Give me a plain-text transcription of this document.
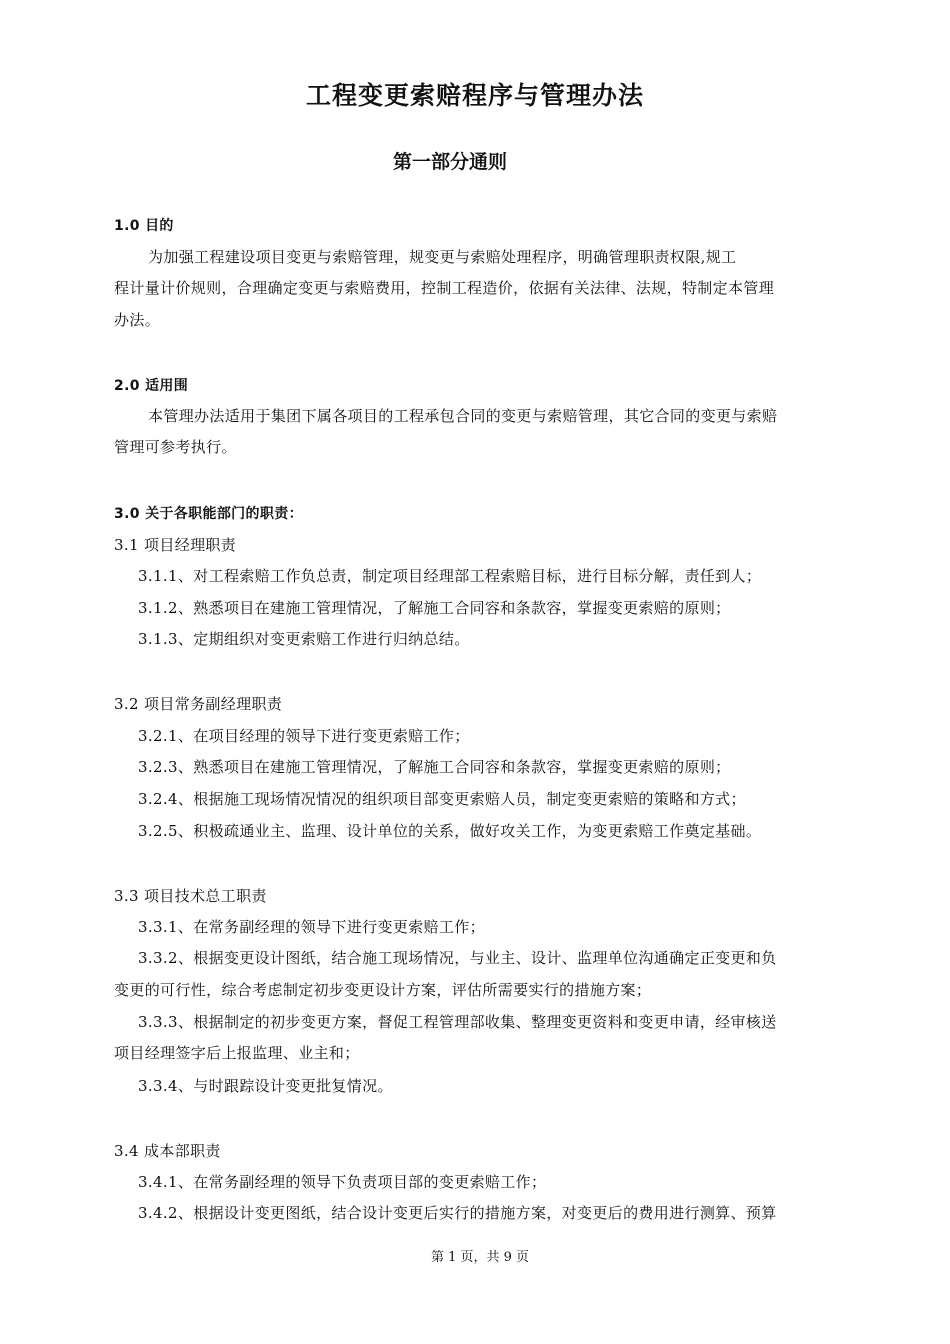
工程变更索赔程序与管理办法
第一部分通则
1.0 目的
为加强工程建设项目变更与索赔管理，规变更与索赔处理程序，明确管理职责权限,规工
程计量计价规则，合理确定变更与索赔费用，控制工程造价，依据有关法律、法规，特制定本管理
办法。
2.0 适用围
本管理办法适用于集团下属各项目的工程承包合同的变更与索赔管理，其它合同的变更与索赔
管理可参考执行。
3.0 关于各职能部门的职责：
3.1 项目经理职责
3.1.1、对工程索赔工作负总责，制定项目经理部工程索赔目标，进行目标分解，责任到人；
3.1.2、熟悉项目在建施工管理情况，了解施工合同容和条款容，掌握变更索赔的原则；
3.1.3、定期组织对变更索赔工作进行归纳总结。
3.2 项目常务副经理职责
3.2.1、在项目经理的领导下进行变更索赔工作；
3.2.3、熟悉项目在建施工管理情况，了解施工合同容和条款容，掌握变更索赔的原则；
3.2.4、根据施工现场情况情况的组织项目部变更索赔人员，制定变更索赔的策略和方式；
3.2.5、积极疏通业主、监理、设计单位的关系，做好攻关工作，为变更索赔工作奠定基础。
3.3 项目技术总工职责
3.3.1、在常务副经理的领导下进行变更索赔工作；
3.3.2、根据变更设计图纸，结合施工现场情况，与业主、设计、监理单位沟通确定正变更和负
变更的可行性，综合考虑制定初步变更设计方案，评估所需要实行的措施方案；
3.3.3、根据制定的初步变更方案，督促工程管理部收集、整理变更资料和变更申请，经审核送
项目经理签字后上报监理、业主和；
3.3.4、与时跟踪设计变更批复情况。
3.4 成本部职责
3.4.1、在常务副经理的领导下负责项目部的变更索赔工作；
3.4.2、根据设计变更图纸，结合设计变更后实行的措施方案，对变更后的费用进行测算、预算
第 1 页，共 9 页
